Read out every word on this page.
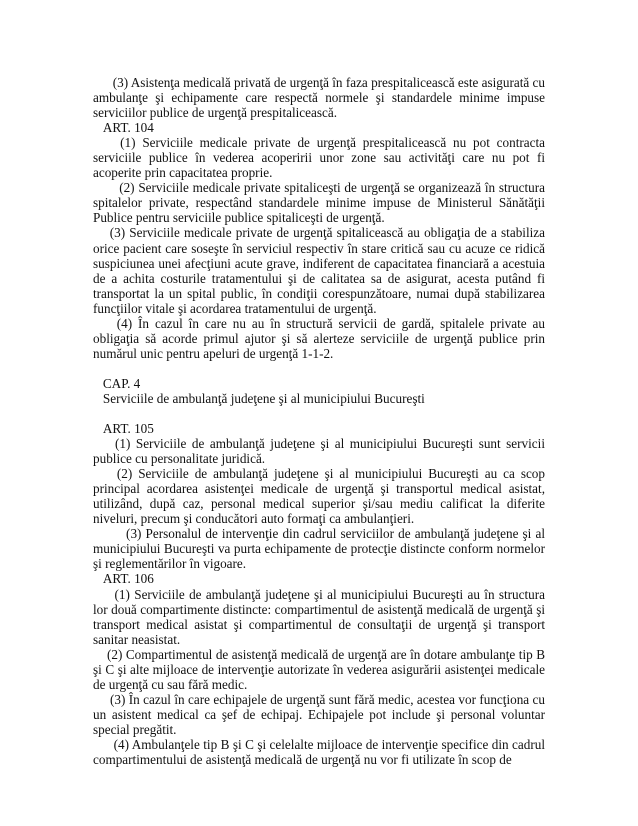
(3) Asistenţa medicală privată de urgenţă în faza prespitalicească este asigurată cu ambulanţe şi echipamente care respectă normele şi standardele minime impuse serviciilor publice de urgenţă prespitalicească.

ART. 104

(1) Serviciile medicale private de urgenţă prespitalicească nu pot contracta serviciile publice în vederea acoperirii unor zone sau activităţi care nu pot fi acoperite prin capacitatea proprie.

(2) Serviciile medicale private spitaliceşti de urgenţă se organizează în structura spitalelor private, respectând standardele minime impuse de Ministerul Sănătăţii Publice pentru serviciile publice spitaliceşti de urgenţă.

(3) Serviciile medicale private de urgenţă spitalicească au obligaţia de a stabiliza orice pacient care soseşte în serviciul respectiv în stare critică sau cu acuze ce ridică suspiciunea unei afecţiuni acute grave, indiferent de capacitatea financiară a acestuia de a achita costurile tratamentului şi de calitatea sa de asigurat, acesta putând fi transportat la un spital public, în condiţii corespunzătoare, numai după stabilizarea funcţiilor vitale şi acordarea tratamentului de urgenţă.

(4) În cazul în care nu au în structură servicii de gardă, spitalele private au obligaţia să acorde primul ajutor şi să alerteze serviciile de urgenţă publice prin numărul unic pentru apeluri de urgenţă 1-1-2.

CAP. 4

Serviciile de ambulanţă judeţene şi al municipiului Bucureşti

ART. 105

(1) Serviciile de ambulanţă judeţene şi al municipiului Bucureşti sunt servicii publice cu personalitate juridică.

(2) Serviciile de ambulanţă judeţene şi al municipiului Bucureşti au ca scop principal acordarea asistenţei medicale de urgenţă şi transportul medical asistat, utilizând, după caz, personal medical superior şi/sau mediu calificat la diferite niveluri, precum şi conducători auto formaţi ca ambulanţieri.

(3) Personalul de intervenţie din cadrul serviciilor de ambulanţă judeţene şi al municipiului Bucureşti va purta echipamente de protecţie distincte conform normelor şi reglementărilor în vigoare.

ART. 106

(1) Serviciile de ambulanţă judeţene şi al municipiului Bucureşti au în structura lor două compartimente distincte: compartimentul de asistenţă medicală de urgenţă şi transport medical asistat şi compartimentul de consultaţii de urgenţă şi transport sanitar neasistat.

(2) Compartimentul de asistenţă medicală de urgenţă are în dotare ambulanţe tip B şi C şi alte mijloace de intervenţie autorizate în vederea asigurării asistenţei medicale de urgenţă cu sau fără medic.

(3) În cazul în care echipajele de urgenţă sunt fără medic, acestea vor funcţiona cu un asistent medical ca şef de echipaj. Echipajele pot include şi personal voluntar special pregătit.

(4) Ambulanţele tip B şi C şi celelalte mijloace de intervenţie specifice din cadrul compartimentului de asistenţă medicală de urgenţă nu vor fi utilizate în scop de
